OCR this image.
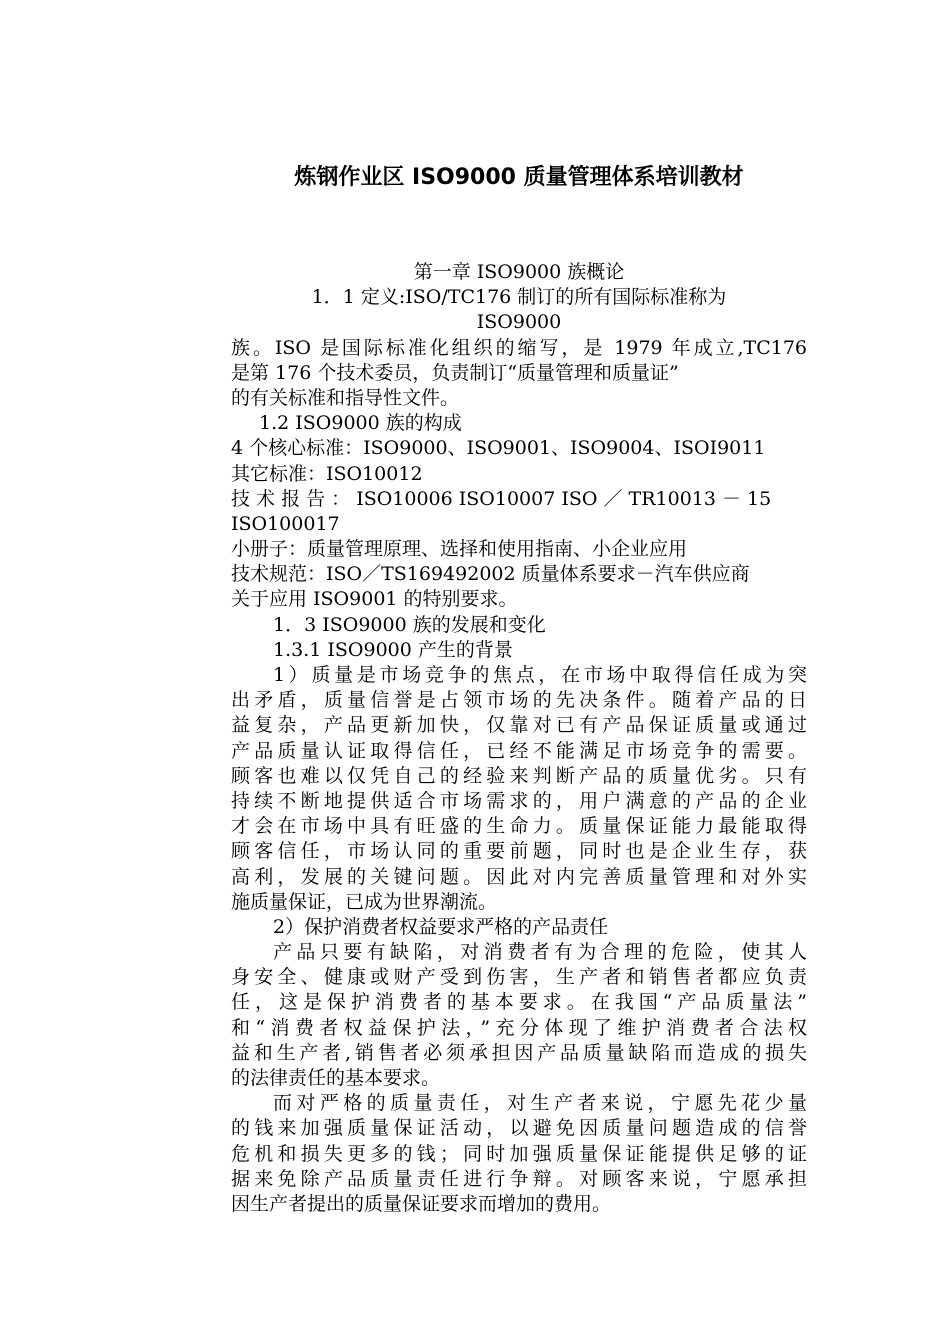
炼钢作业区 ISO9000 质量管理体系培训教材
第一章 ISO9000 族概论
1．1 定义:ISO/TC176 制订的所有国际标准称为
ISO9000
族。ISO 是国际标准化组织的缩写，是 1979 年成立,TC176
是第 176 个技术委员，负责制订“质量管理和质量证”
的有关标准和指导性文件。
1.2 ISO9000 族的构成
4 个核心标准：ISO9000、ISO9001、ISO9004、ISOI9011
其它标准：ISO10012
技 术 报 告 ： ISO10006 ISO10007 ISO ／ TR10013 － 15
ISO100017
小册子：质量管理原理、选择和使用指南、小企业应用
技术规范：ISO／TS169492002 质量体系要求－汽车供应商
关于应用 ISO9001 的特别要求。
1．3 ISO9000 族的发展和变化
1.3.1 ISO9000 产生的背景
1）质量是市场竞争的焦点，在市场中取得信任成为突
出矛盾，质量信誉是占领市场的先决条件。随着产品的日
益复杂，产品更新加快，仅靠对已有产品保证质量或通过
产品质量认证取得信任，已经不能满足市场竞争的需要。
顾客也难以仅凭自己的经验来判断产品的质量优劣。只有
持续不断地提供适合市场需求的，用户满意的产品的企业
才会在市场中具有旺盛的生命力。质量保证能力最能取得
顾客信任，市场认同的重要前题，同时也是企业生存，获
高利，发展的关键问题。因此对内完善质量管理和对外实
施质量保证，已成为世界潮流。
2）保护消费者权益要求严格的产品责任
产品只要有缺陷，对消费者有为合理的危险，使其人
身安全、健康或财产受到伤害，生产者和销售者都应负责
任，这是保护消费者的基本要求。在我国“产品质量法”
和“消费者权益保护法，”充分体现了维护消费者合法权
益和生产者,销售者必须承担因产品质量缺陷而造成的损失
的法律责任的基本要求。
而对严格的质量责任，对生产者来说，宁愿先花少量
的钱来加强质量保证活动，以避免因质量问题造成的信誉
危机和损失更多的钱；同时加强质量保证能提供足够的证
据来免除产品质量责任进行争辩。对顾客来说，宁愿承担
因生产者提出的质量保证要求而增加的费用。
